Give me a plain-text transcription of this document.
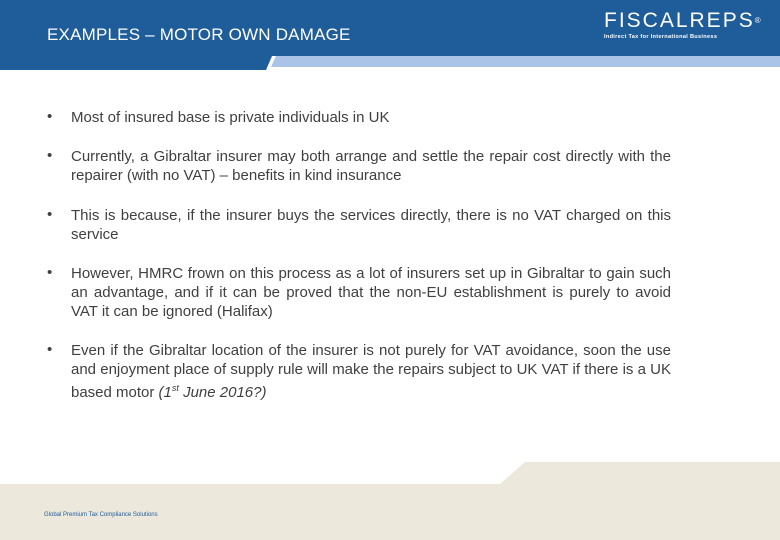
EXAMPLES – MOTOR OWN DAMAGE
FISCALREPS®
Indirect Tax for International Business
• Most of insured base is private individuals in UK
• Currently, a Gibraltar insurer may both arrange and settle the repair cost directly with the repairer (with no VAT) – benefits in kind insurance
• This is because, if the insurer buys the services directly, there is no VAT charged on this service
• However, HMRC frown on this process as a lot of insurers set up in Gibraltar to gain such an advantage, and if it can be proved that the non-EU establishment is purely to avoid VAT it can be ignored (Halifax)
• Even if the Gibraltar location of the insurer is not purely for VAT avoidance, soon the use and enjoyment place of supply rule will make the repairs subject to UK VAT if there is a UK based motor (1st June 2016?)
Global Premium Tax Compliance Solutions
